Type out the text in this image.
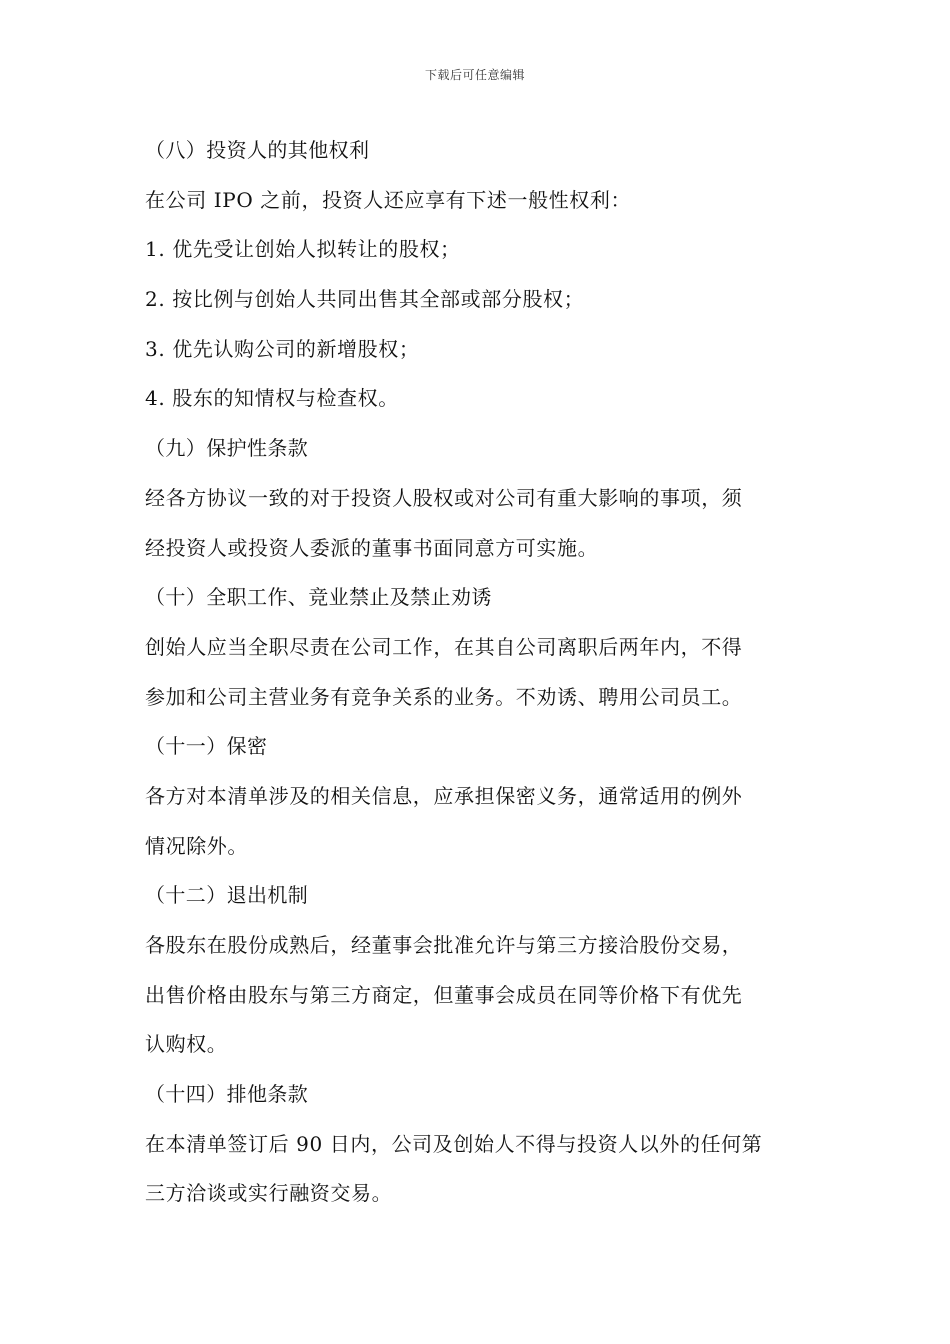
下载后可任意编辑
（八）投资人的其他权利
在公司 IPO 之前，投资人还应享有下述一般性权利：
1. 优先受让创始人拟转让的股权；
2. 按比例与创始人共同出售其全部或部分股权；
3. 优先认购公司的新增股权；
4. 股东的知情权与检查权。
（九）保护性条款
经各方协议一致的对于投资人股权或对公司有重大影响的事项，须
经投资人或投资人委派的董事书面同意方可实施。
（十）全职工作、竞业禁止及禁止劝诱
创始人应当全职尽责在公司工作，在其自公司离职后两年内，不得
参加和公司主营业务有竞争关系的业务。不劝诱、聘用公司员工。
（十一）保密
各方对本清单涉及的相关信息，应承担保密义务，通常适用的例外
情况除外。
（十二）退出机制
各股东在股份成熟后，经董事会批准允许与第三方接洽股份交易，
出售价格由股东与第三方商定，但董事会成员在同等价格下有优先
认购权。
（十四）排他条款
在本清单签订后 90 日内，公司及创始人不得与投资人以外的任何第
三方洽谈或实行融资交易。
